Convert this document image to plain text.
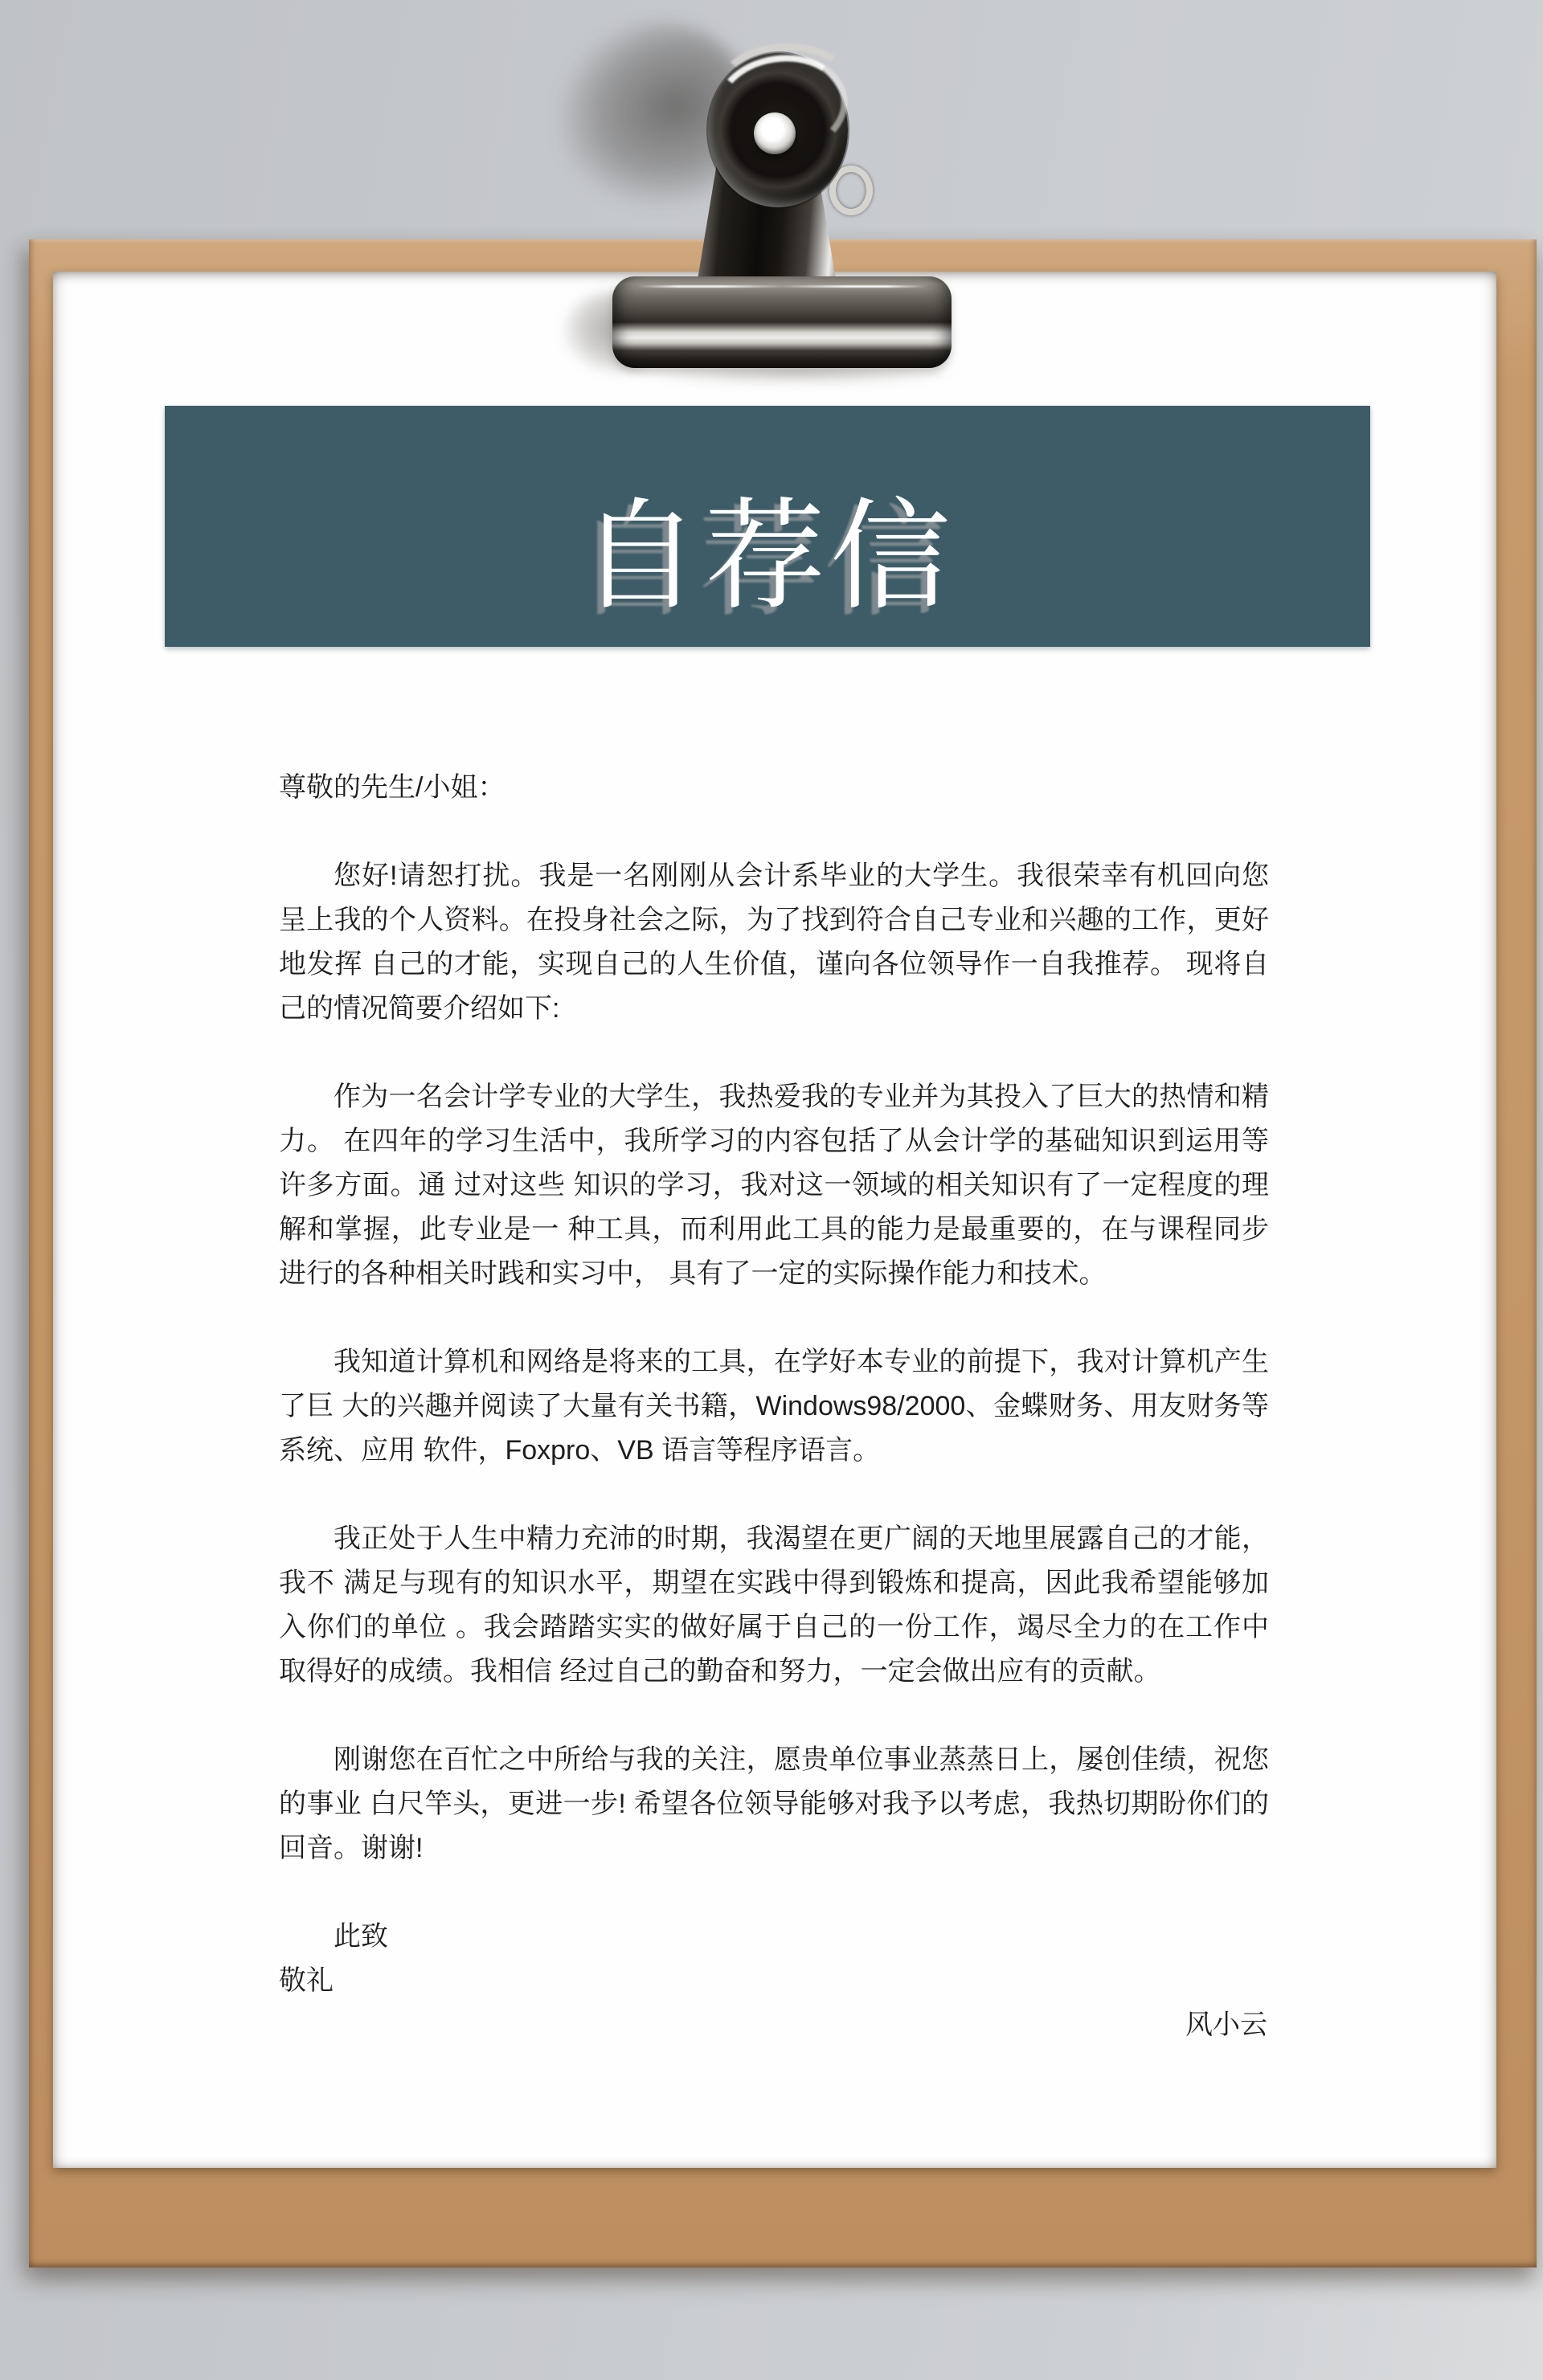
自荐信

尊敬的先生/小姐：

您好!请恕打扰。我是一名刚刚从会计系毕业的大学生。我很荣幸有机回向您 呈上我的个人资料。在投身社会之际，为了找到符合自己专业和兴趣的工作，更好地发挥 自己的才能，实现自己的人生价值，谨向各位领导作一自我推荐。 现将自己的情况简要介绍如下:

作为一名会计学专业的大学生，我热爱我的专业并为其投入了巨大的热情和精力。 在四年的学习生活中，我所学习的内容包括了从会计学的基础知识到运用等许多方面。通 过对这些 知识的学习，我对这一领域的相关知识有了一定程度的理解和掌握，此专业是一 种工具，而利用此工具的能力是最重要的，在与课程同步进行的各种相关时践和实习中， 具有了一定的实际操作能力和技术。

我知道计算机和网络是将来的工具，在学好本专业的前提下，我对计算机产生了巨 大的兴趣并阅读了大量有关书籍，Windows98/2000、金蝶财务、用友财务等系统、应用 软件，Foxpro、VB 语言等程序语言。

我正处于人生中精力充沛的时期，我渴望在更广阔的天地里展露自己的才能，我不 满足与现有的知识水平，期望在实践中得到锻炼和提高，因此我希望能够加入你们的单位 。我会踏踏实实的做好属于自己的一份工作，竭尽全力的在工作中取得好的成绩。我相信 经过自己的勤奋和努力，一定会做出应有的贡献。

刚谢您在百忙之中所给与我的关注，愿贵单位事业蒸蒸日上，屡创佳绩，祝您的事业 白尺竿头，更进一步! 希望各位领导能够对我予以考虑，我热切期盼你们的回音。谢谢!

此致

敬礼

风小云
